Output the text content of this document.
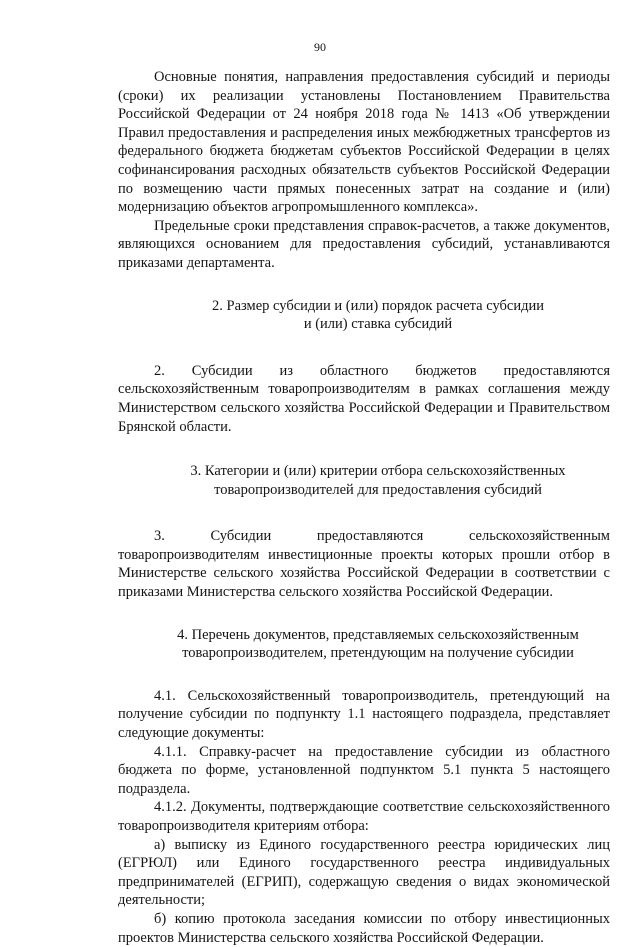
90

Основные понятия, направления предоставления субсидий и периоды (сроки) их реализации установлены Постановлением Правительства Российской Федерации от 24 ноября 2018 года № 1413 «Об утверждении Правил предоставления и распределения иных межбюджетных трансфертов из федерального бюджета бюджетам субъектов Российской Федерации в целях софинансирования расходных обязательств субъектов Российской Федерации по возмещению части прямых понесенных затрат на создание и (или) модернизацию объектов агропромышленного комплекса».

Предельные сроки представления справок-расчетов, а также документов, являющихся основанием для предоставления субсидий, устанавливаются приказами департамента.

2. Размер субсидии и (или) порядок расчета субсидии
и (или) ставка субсидий

2. Субсидии из областного бюджетов предоставляются сельскохозяйственным товаропроизводителям в рамках соглашения между Министерством сельского хозяйства Российской Федерации и Правительством Брянской области.

3. Категории и (или) критерии отбора сельскохозяйственных
товаропроизводителей для предоставления субсидий

3. Субсидии предоставляются сельскохозяйственным товаропроизводителям инвестиционные проекты которых прошли отбор в Министерстве сельского хозяйства Российской Федерации в соответствии с приказами Министерства сельского хозяйства Российской Федерации.

4. Перечень документов, представляемых сельскохозяйственным
товаропроизводителем, претендующим на получение субсидии

4.1. Сельскохозяйственный товаропроизводитель, претендующий на получение субсидии по подпункту 1.1 настоящего подраздела, представляет следующие документы:

4.1.1. Справку-расчет на предоставление субсидии из областного бюджета по форме, установленной подпунктом 5.1 пункта 5 настоящего подраздела.

4.1.2. Документы, подтверждающие соответствие сельскохозяйственного товаропроизводителя критериям отбора:

а) выписку из Единого государственного реестра юридических лиц (ЕГРЮЛ) или Единого государственного реестра индивидуальных предпринимателей (ЕГРИП), содержащую сведения о видах экономической деятельности;

б) копию протокола заседания комиссии по отбору инвестиционных проектов Министерства сельского хозяйства Российской Федерации.
